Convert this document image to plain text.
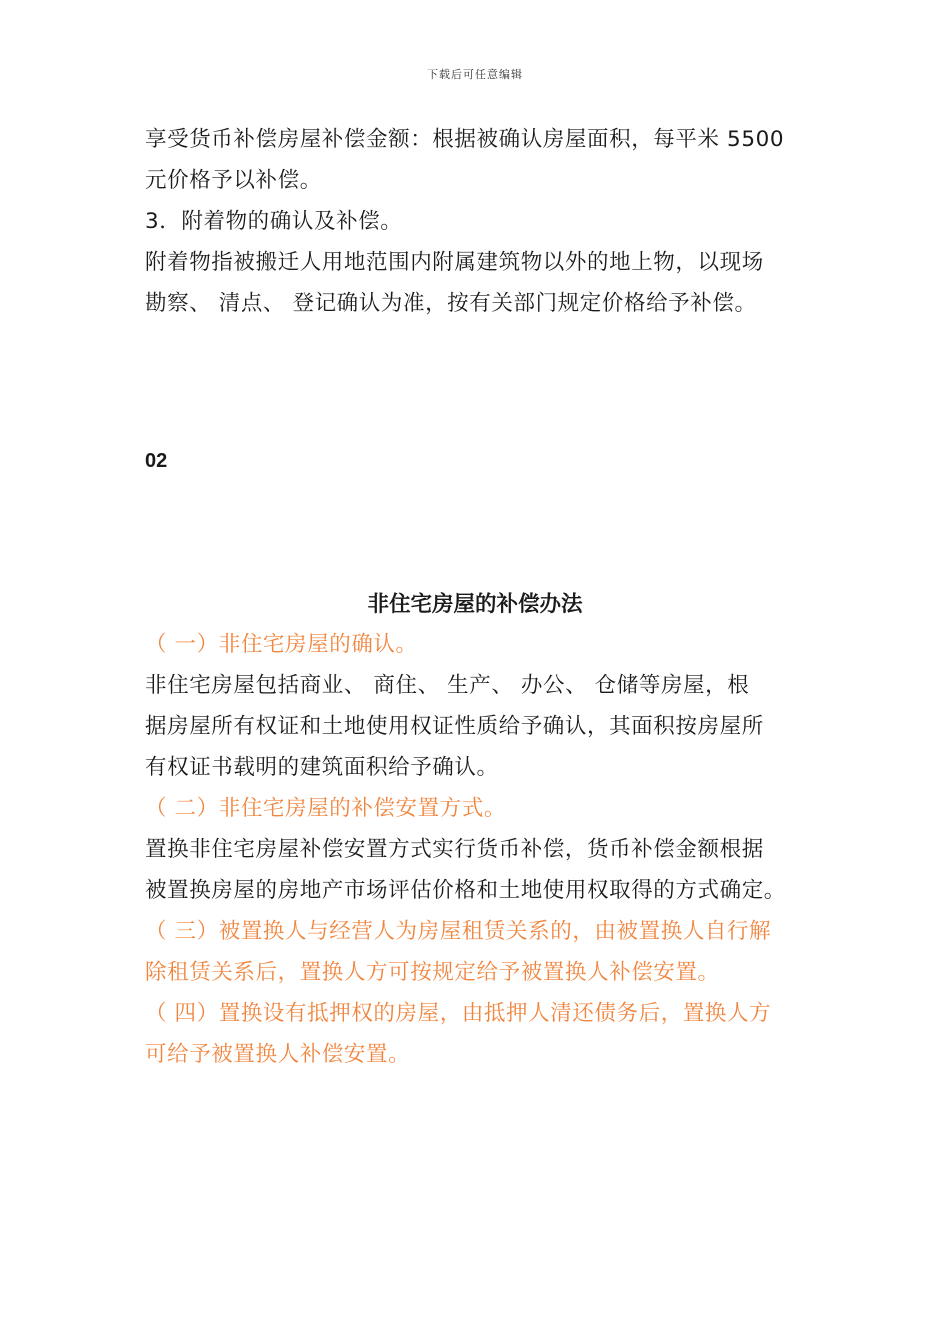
下载后可任意编辑

享受货币补偿房屋补偿金额：根据被确认房屋面积，每平米 5500

元价格予以补偿。

3．附着物的确认及补偿。

附着物指被搬迁人用地范围内附属建筑物以外的地上物，以现场

勘察、 清点、 登记确认为准，按有关部门规定价格给予补偿。

02
非住宅房屋的补偿办法

（ 一）非住宅房屋的确认。

非住宅房屋包括商业、 商住、 生产、 办公、 仓储等房屋，根

据房屋所有权证和土地使用权证性质给予确认，其面积按房屋所

有权证书载明的建筑面积给予确认。

（ 二）非住宅房屋的补偿安置方式。

置换非住宅房屋补偿安置方式实行货币补偿，货币补偿金额根据

被置换房屋的房地产市场评估价格和土地使用权取得的方式确定。

（ 三）被置换人与经营人为房屋租赁关系的，由被置换人自行解

除租赁关系后，置换人方可按规定给予被置换人补偿安置。

（ 四）置换设有抵押权的房屋，由抵押人清还债务后，置换人方

可给予被置换人补偿安置。
